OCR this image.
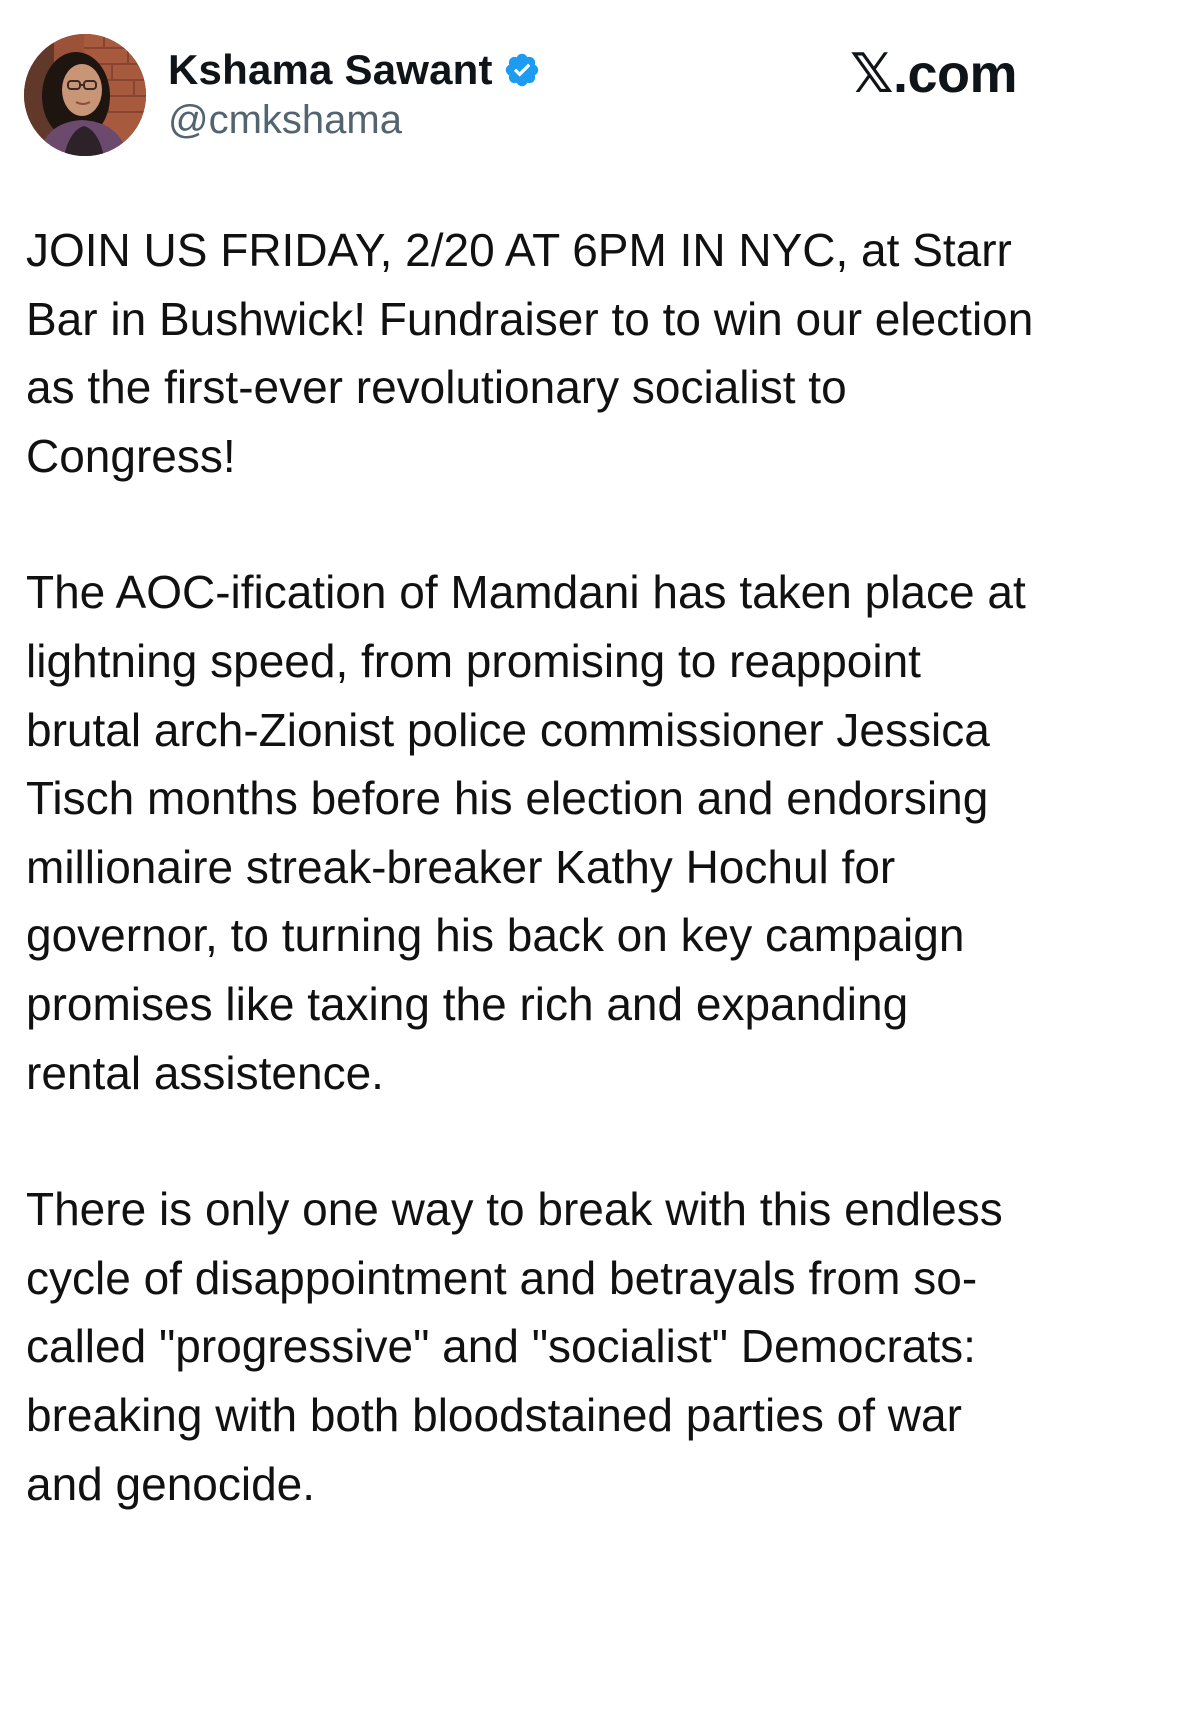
Kshama Sawant
@cmkshama
𝕏.com

JOIN US FRIDAY, 2/20 AT 6PM IN NYC, at Starr
Bar in Bushwick! Fundraiser to to win our election
as the first-ever revolutionary socialist to
Congress!

The AOC-ification of Mamdani has taken place at
lightning speed, from promising to reappoint
brutal arch-Zionist police commissioner Jessica
Tisch months before his election and endorsing
millionaire streak-breaker Kathy Hochul for
governor, to turning his back on key campaign
promises like taxing the rich and expanding
rental assistence.

There is only one way to break with this endless
cycle of disappointment and betrayals from so-
called "progressive" and "socialist" Democrats:
breaking with both bloodstained parties of war
and genocide.
